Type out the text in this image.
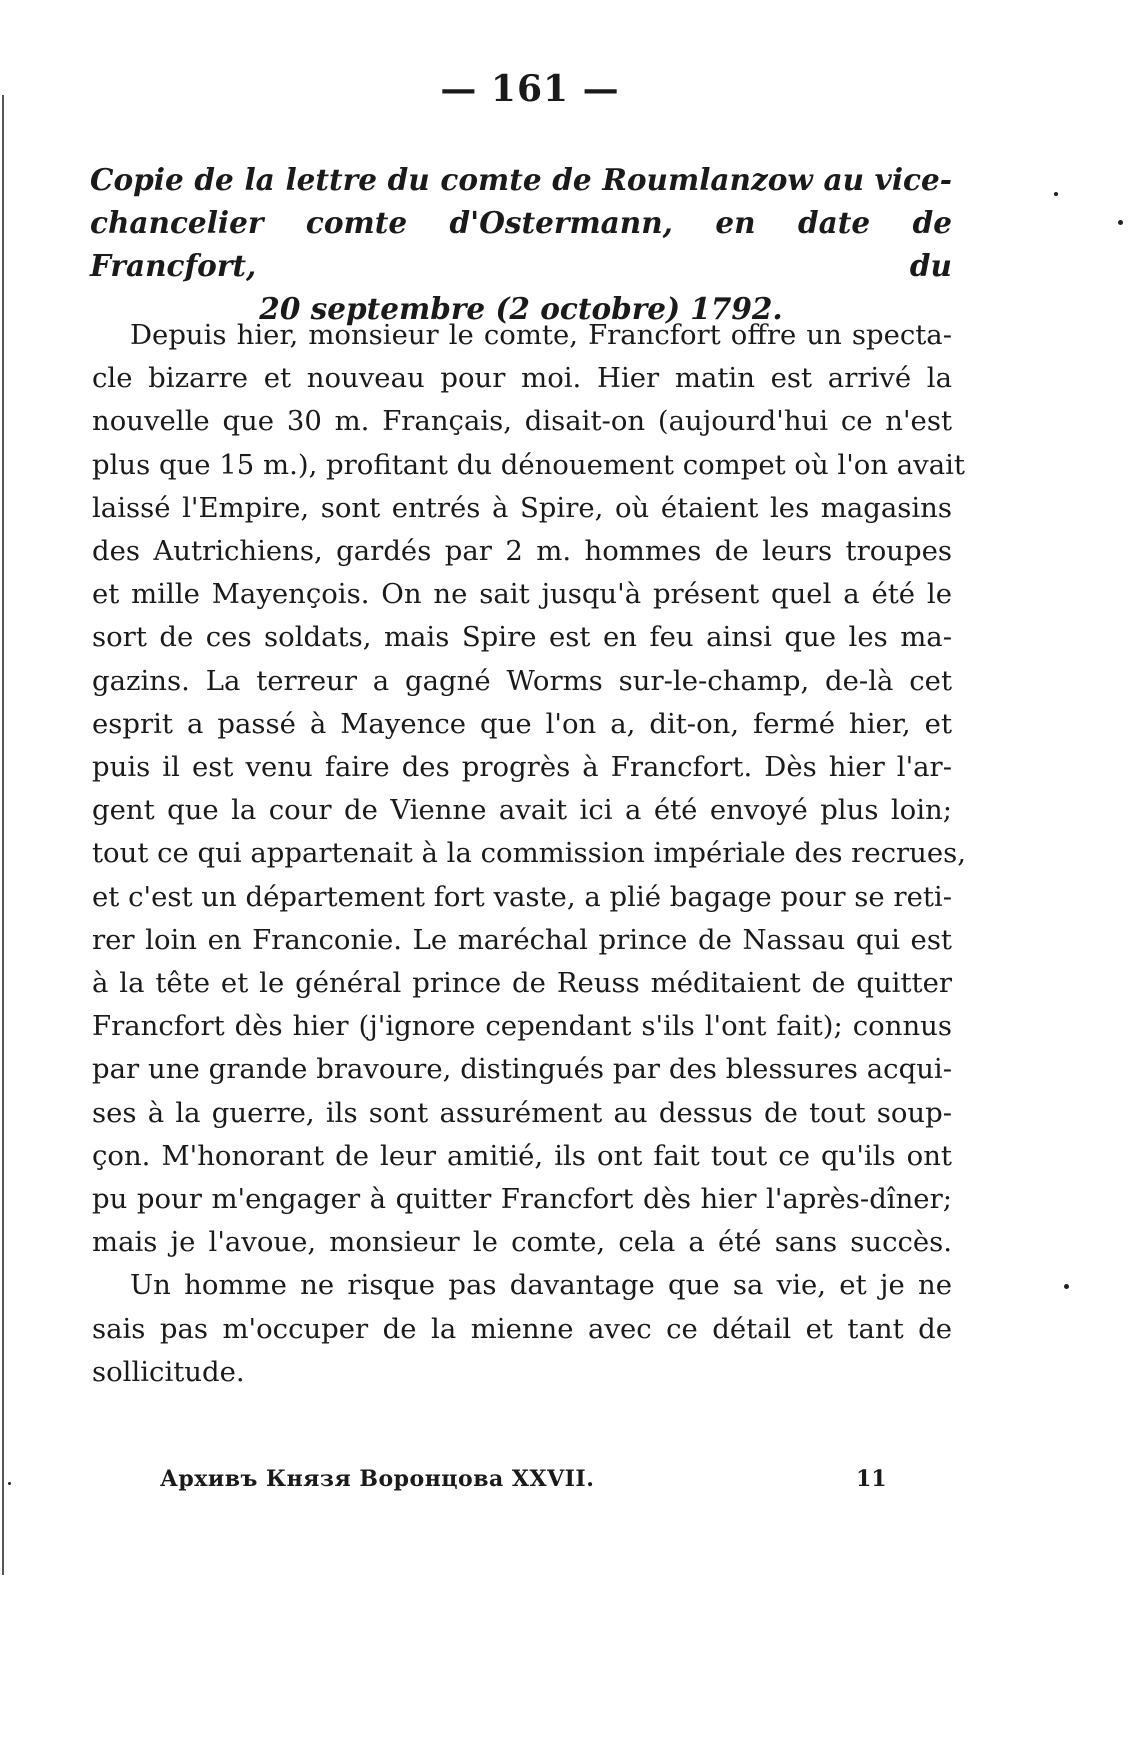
— 161 —
Copie de la lettre du comte de Roumlanzow au vice-
chancelier comte d'Ostermann, en date de Francfort, du
20 septembre (2 octobre) 1792.
Depuis hier, monsieur le comte, Francfort offre un specta-
cle bizarre et nouveau pour moi. Hier matin est arrivé la
nouvelle que 30 m. Français, disait-on (aujourd'hui ce n'est
plus que 15 m.), profitant du dénouement compet où l'on avait
laissé l'Empire, sont entrés à Spire, où étaient les magasins
des Autrichiens, gardés par 2 m. hommes de leurs troupes
et mille Mayençois. On ne sait jusqu'à présent quel a été le
sort de ces soldats, mais Spire est en feu ainsi que les ma-
gazins. La terreur a gagné Worms sur-le-champ, de-là cet
esprit a passé à Mayence que l'on a, dit-on, fermé hier, et
puis il est venu faire des progrès à Francfort. Dès hier l'ar-
gent que la cour de Vienne avait ici a été envoyé plus loin;
tout ce qui appartenait à la commission impériale des recrues,
et c'est un département fort vaste, a plié bagage pour se reti-
rer loin en Franconie. Le maréchal prince de Nassau qui est
à la tête et le général prince de Reuss méditaient de quitter
Francfort dès hier (j'ignore cependant s'ils l'ont fait); connus
par une grande bravoure, distingués par des blessures acqui-
ses à la guerre, ils sont assurément au dessus de tout soup-
çon. M'honorant de leur amitié, ils ont fait tout ce qu'ils ont
pu pour m'engager à quitter Francfort dès hier l'après-dîner;
mais je l'avoue, monsieur le comte, cela a été sans succès.
Un homme ne risque pas davantage que sa vie, et je ne
sais pas m'occuper de la mienne avec ce détail et tant de
sollicitude.
Архивъ Князя Воронцова XXVII.	11
